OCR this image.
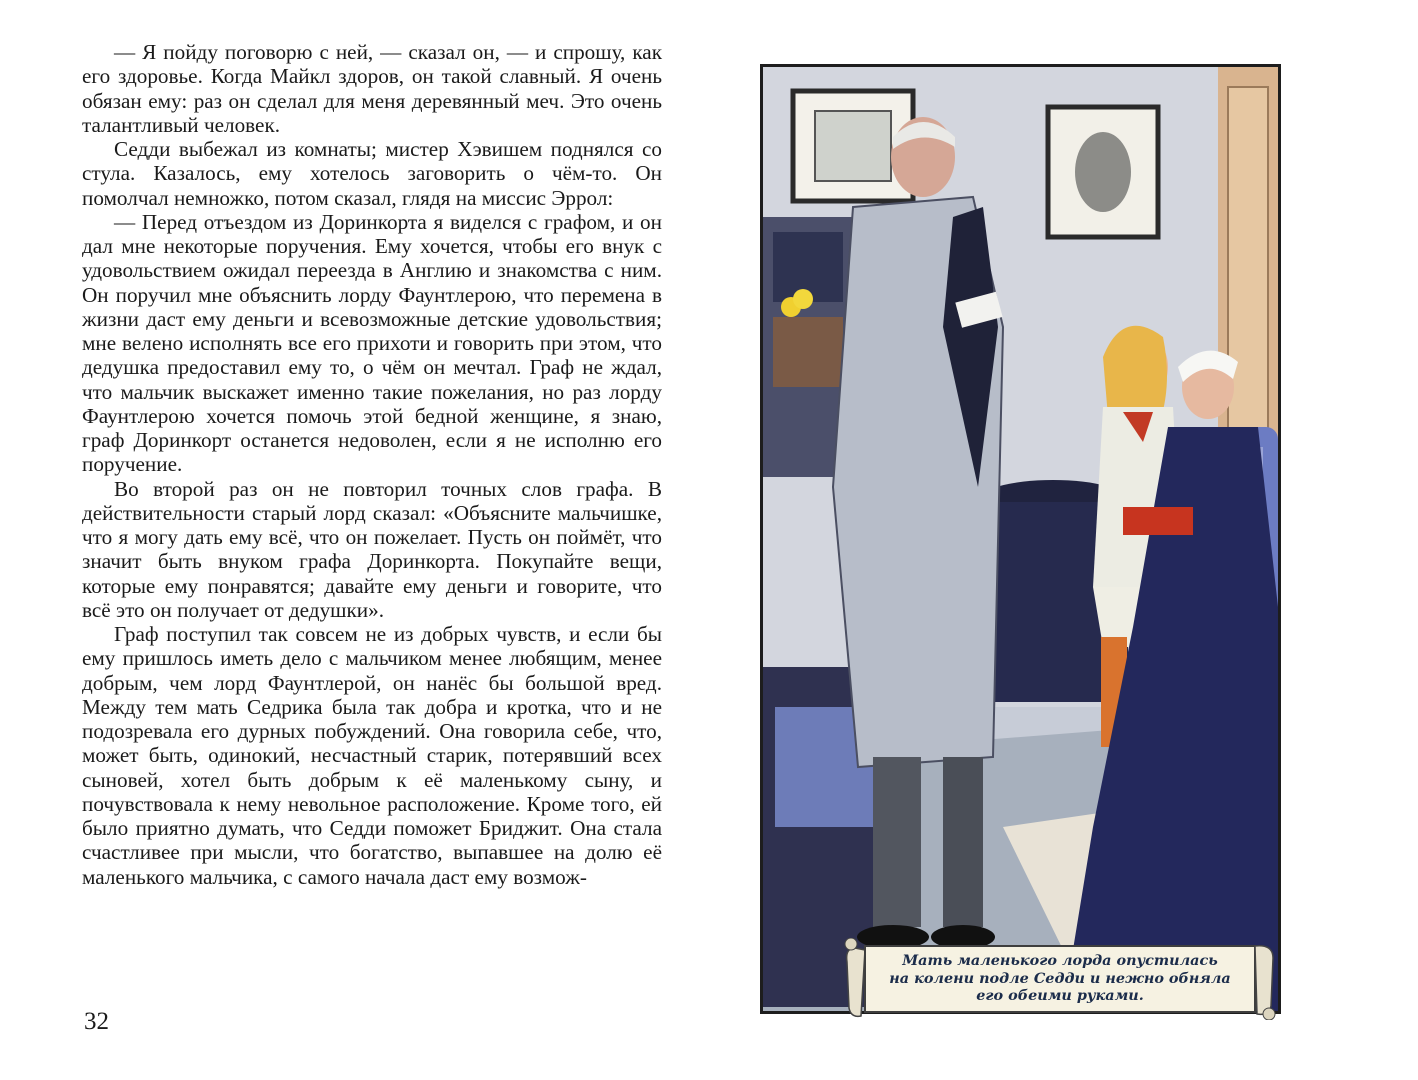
— Я пойду поговорю с ней, — сказал он, — и спрошу, как его здоровье. Когда Майкл здоров, он такой славный. Я очень обязан ему: раз он сделал для меня деревянный меч. Это очень талантливый человек.

Седди выбежал из комнаты; мистер Хэвишем поднялся со стула. Казалось, ему хотелось заговорить о чём-то. Он помолчал немножко, потом сказал, глядя на миссис Эррол:

— Перед отъездом из Доринкорта я виделся с графом, и он дал мне некоторые поручения. Ему хочется, чтобы его внук с удовольствием ожидал переезда в Англию и знакомства с ним. Он поручил мне объяснить лорду Фаунтлерою, что перемена в жизни даст ему деньги и всевозможные детские удовольствия; мне велено исполнять все его прихоти и говорить при этом, что дедушка предоставил ему то, о чём он мечтал. Граф не ждал, что мальчик выскажет именно такие пожелания, но раз лорду Фаунтлерою хочется помочь этой бедной женщине, я знаю, граф Доринкорт останется недоволен, если я не исполню его поручение.

Во второй раз он не повторил точных слов графа. В действительности старый лорд сказал: «Объясните мальчишке, что я могу дать ему всё, что он пожелает. Пусть он поймёт, что значит быть внуком графа Доринкорта. Покупайте вещи, которые ему понравятся; давайте ему деньги и говорите, что всё это он получает от дедушки».

Граф поступил так совсем не из добрых чувств, и если бы ему пришлось иметь дело с мальчиком менее любящим, менее добрым, чем лорд Фаунтлерой, он нанёс бы большой вред. Между тем мать Седрика была так добра и кротка, что и не подозревала его дурных побуждений. Она говорила себе, что, может быть, одинокий, несчастный старик, потерявший всех сыновей, хотел быть добрым к её маленькому сыну, и почувствовала к нему невольное расположение. Кроме того, ей было приятно думать, что Седди поможет Бриджит. Она стала счастливее при мысли, что богатство, выпавшее на долю её маленького мальчика, с самого начала даст ему возмож-

32
Мать маленького лорда опустилась
на колени подле Седди и нежно обняла
его обеими руками.
